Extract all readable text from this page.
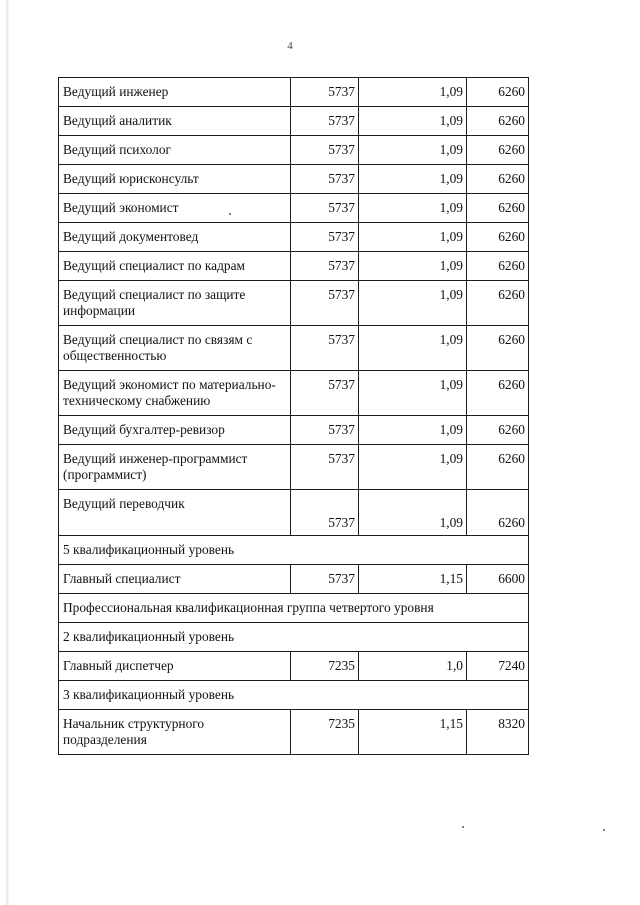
4
Ведущий инженер	5737	1,09	6260
Ведущий аналитик	5737	1,09	6260
Ведущий психолог	5737	1,09	6260
Ведущий юрисконсульт	5737	1,09	6260
Ведущий экономист	5737	1,09	6260
Ведущий документовед	5737	1,09	6260
Ведущий специалист по кадрам	5737	1,09	6260
Ведущий специалист по защите информации	5737	1,09	6260
Ведущий специалист по связям с общественностью	5737	1,09	6260
Ведущий экономист по материально-техническому снабжению	5737	1,09	6260
Ведущий бухгалтер-ревизор	5737	1,09	6260
Ведущий инженер-программист (программист)	5737	1,09	6260
Ведущий переводчик	5737	1,09	6260
5 квалификационный уровень			
Главный специалист	5737	1,15	6600
Профессиональная квалификационная группа четвертого уровня			
2 квалификационный уровень			
Главный диспетчер	7235	1,0	7240
3 квалификационный уровень			
Начальник структурного подразделения	7235	1,15	8320
